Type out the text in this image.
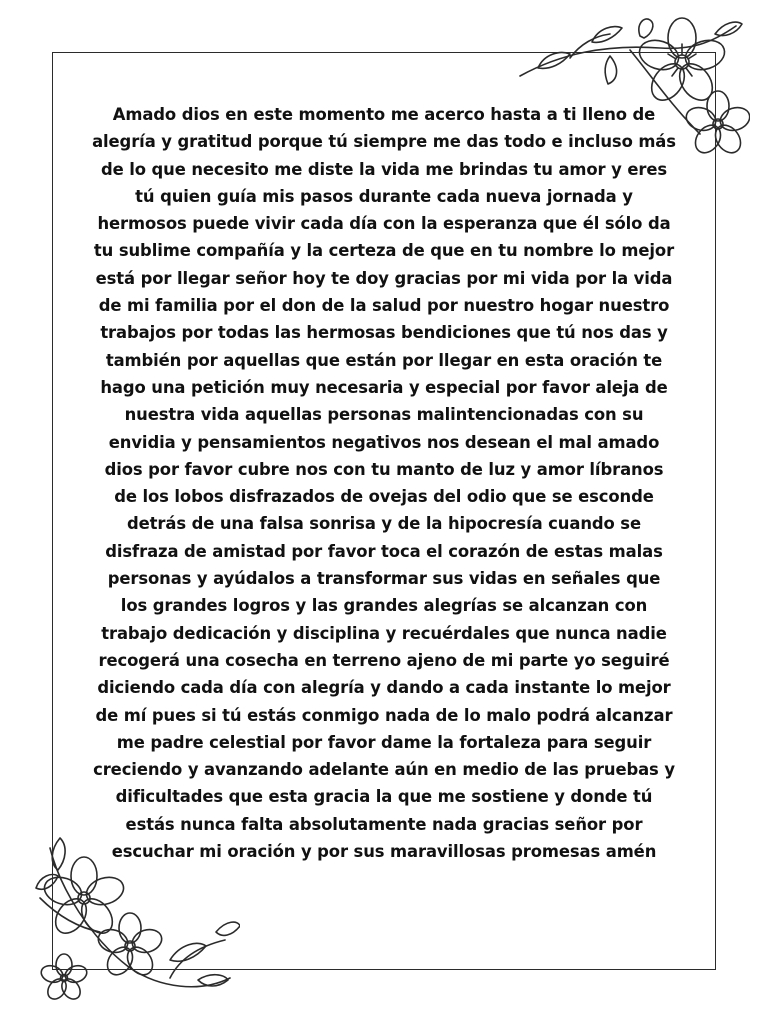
Amado dios en este momento me acerco hasta a ti lleno de alegría y gratitud porque tú siempre me das todo e incluso más de lo que necesito me diste la vida me brindas tu amor y eres tú quien guía mis pasos durante cada nueva jornada y hermosos puede vivir cada día con la esperanza que él sólo da tu sublime compañía y la certeza de que en tu nombre lo mejor está por llegar señor hoy te doy gracias por mi vida por la vida de mi familia por el don de la salud por nuestro hogar nuestro trabajos por todas las hermosas bendiciones que tú nos das y también por aquellas que están por llegar en esta oración te hago una petición muy necesaria y especial por favor aleja de nuestra vida aquellas personas malintencionadas con su envidia y pensamientos negativos nos desean el mal amado dios por favor cubre nos con tu manto de luz y amor líbranos de los lobos disfrazados de ovejas del odio que se esconde detrás de una falsa sonrisa y de la hipocresía cuando se disfraza de amistad por favor toca el corazón de estas malas personas y ayúdalos a transformar sus vidas en señales que los grandes logros y las grandes alegrías se alcanzan con trabajo dedicación y disciplina y recuérdales que nunca nadie recogerá una cosecha en terreno ajeno de mi parte yo seguiré diciendo cada día con alegría y dando a cada instante lo mejor de mí pues si tú estás conmigo nada de lo malo podrá alcanzar me padre celestial por favor dame la fortaleza para seguir creciendo y avanzando adelante aún en medio de las pruebas y dificultades que esta gracia la que me sostiene y donde tú estás nunca falta absolutamente nada gracias señor por escuchar mi oración y por sus maravillosas promesas amén
